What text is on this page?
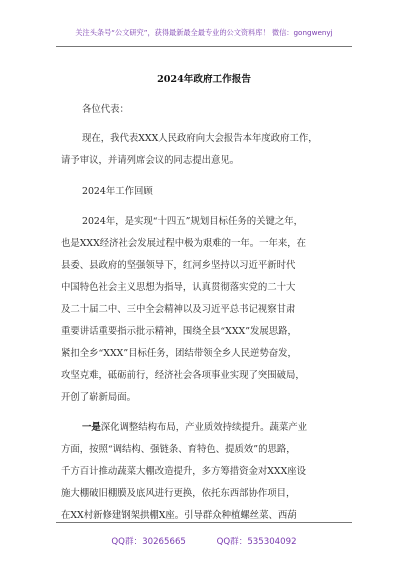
关注头条号“公文研究”，获得最新最全最专业的公文资料库！ 微信：gongwenyj
2024年政府工作报告
各位代表：
现在，我代表XXX人民政府向大会报告本年度政府工作，
请予审议，并请列席会议的同志提出意见。
2024年工作回顾
2024年，是实现“十四五”规划目标任务的关键之年，
也是XXX经济社会发展过程中极为艰难的一年。一年来，在
县委、县政府的坚强领导下，红河乡坚持以习近平新时代
中国特色社会主义思想为指导，认真贯彻落实党的二十大
及二十届二中、三中全会精神以及习近平总书记视察甘肃
重要讲话重要指示批示精神，围绕全县“XXX”发展思路，
紧扣全乡“XXX”目标任务，团结带领全乡人民逆势奋发，
攻坚克难，砥砺前行，经济社会各项事业实现了突围破局，
开创了崭新局面。
一是深化调整结构布局，产业质效持续提升。蔬菜产业
方面，按照“调结构、强链条、育特色、提质效”的思路，
千方百计推动蔬菜大棚改造提升，多方筹措资金对XXX座设
施大棚破旧棚膜及底风进行更换，依托东西部协作项目，
在XX村新修建钢架拱棚X座。引导群众种植螺丝菜、西葫
QQ群：30265665	QQ群：535304092
